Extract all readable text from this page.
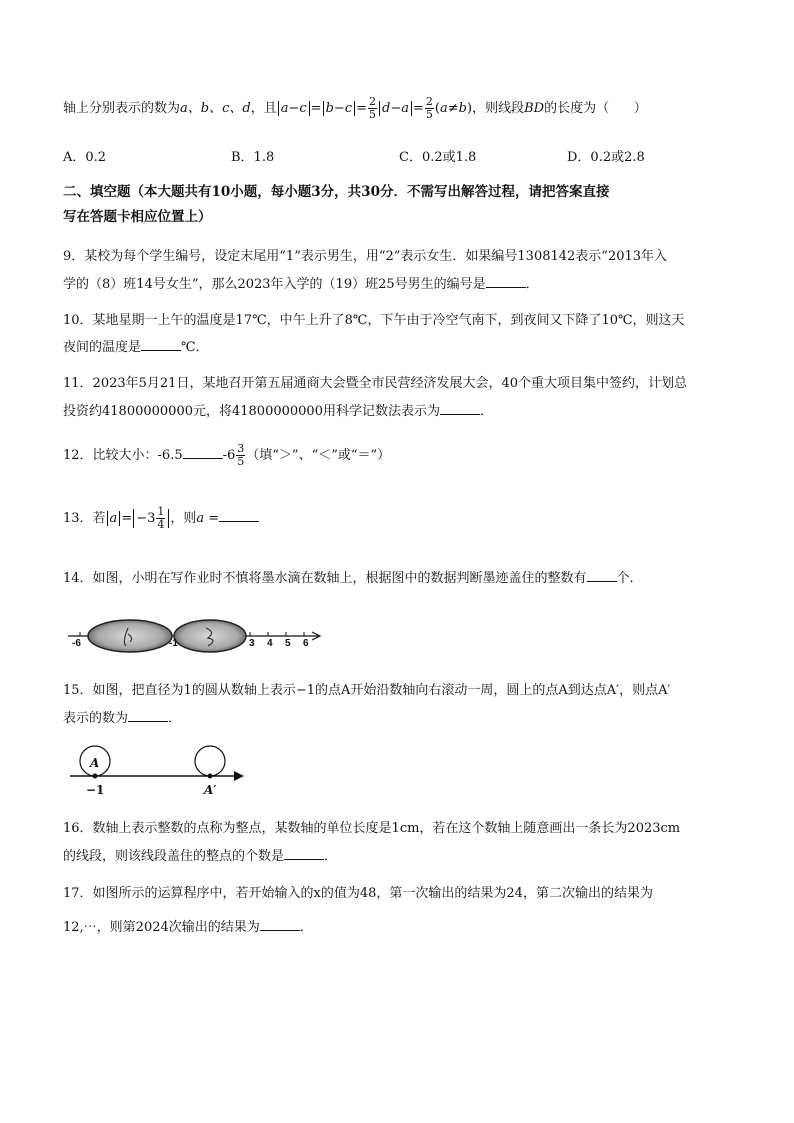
轴上分别表示的数为a、b、c、d，且 $a-c = b-c = \frac{2}{5} d-a = \frac{2}{5} (a\ne b)$，则线段BD的长度为（ ）
A．0.2	B．1.8	C．0.2或1.8	D．0.2或2.8
二、填空题（本大题共有10小题，每小题3分，共30分．不需写出解答过程，请把答案直接
写在答题卡相应位置上）
9．某校为每个学生编号，设定末尾用“1”表示男生，用“2”表示女生．如果编号1308142表示“2013年入
学的（8）班14号女生”，那么2023年入学的（19）班25号男生的编号是	．
10．某地星期一上午的温度是17℃，中午上升了8℃，下午由于冷空气南下，到夜间又下降了10℃，则这天
夜间的温度是	℃．
11．2023年5月21日，某地召开第五届通商大会暨全市民营经济发展大会，40个重大项目集中签约，计划总
投资约41800000000元，将41800000000用科学记数法表示为	．
12．比较大小：-6.5	$-6 \frac{3}{5}$ （填“＞”、“＜”或“＝”）
13．若 $a = -3 \frac{1}{4}$ ，则a =
14．如图，小明在写作业时不慎将墨水滴在数轴上，根据图中的数据判断墨迹盖住的整数有 个．
-6	-1	3 4 5 6
15．如图，把直径为1的圆从数轴上表示−1的点A开始沿数轴向右滚动一周，圆上的点A到达点A′，则点A′
表示的数为	．
A
A′
−1
16．数轴上表示整数的点称为整点，某数轴的单位长度是1cm，若在这个数轴上随意画出一条长为2023cm
的线段，则该线段盖住的整点的个数是	．
17．如图所示的运算程序中，若开始输入的x的值为48，第一次输出的结果为24，第二次输出的结果为
12,⋯，则第2024次输出的结果为	．
